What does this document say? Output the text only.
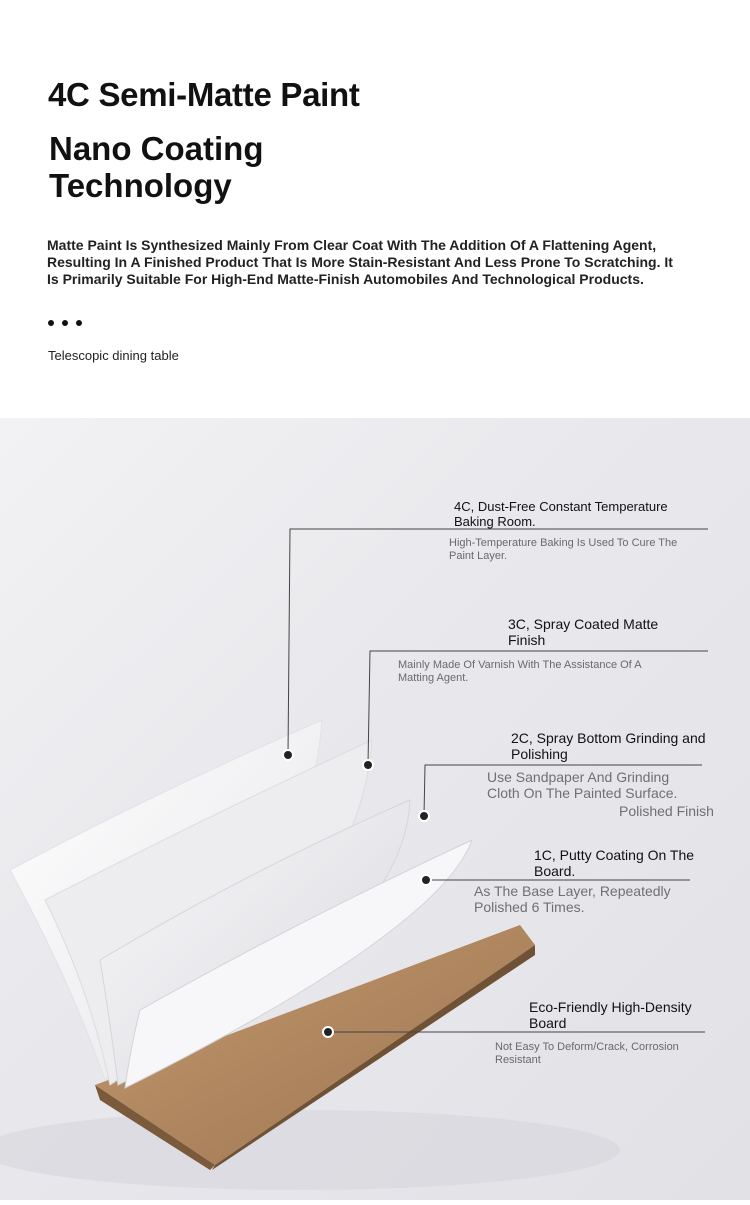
4C Semi-Matte Paint
Nano Coating
Technology

Matte Paint Is Synthesized Mainly From Clear Coat With The Addition Of A Flattening Agent, Resulting In A Finished Product That Is More Stain-Resistant And Less Prone To Scratching. It Is Primarily Suitable For High-End Matte-Finish Automobiles And Technological Products.

Telescopic dining table
4C, Dust-Free Constant Temperature
Baking Room.
High-Temperature Baking Is Used To Cure The
Paint Layer.
3C, Spray Coated Matte
Finish
Mainly Made Of Varnish With The Assistance Of A
Matting Agent.
2C, Spray Bottom Grinding and
Polishing
Use Sandpaper And Grinding
Cloth On The Painted Surface.
Polished Finish
1C, Putty Coating On The
Board.
As The Base Layer, Repeatedly
Polished 6 Times.
Eco-Friendly High-Density
Board
Not Easy To Deform/Crack, Corrosion
Resistant
